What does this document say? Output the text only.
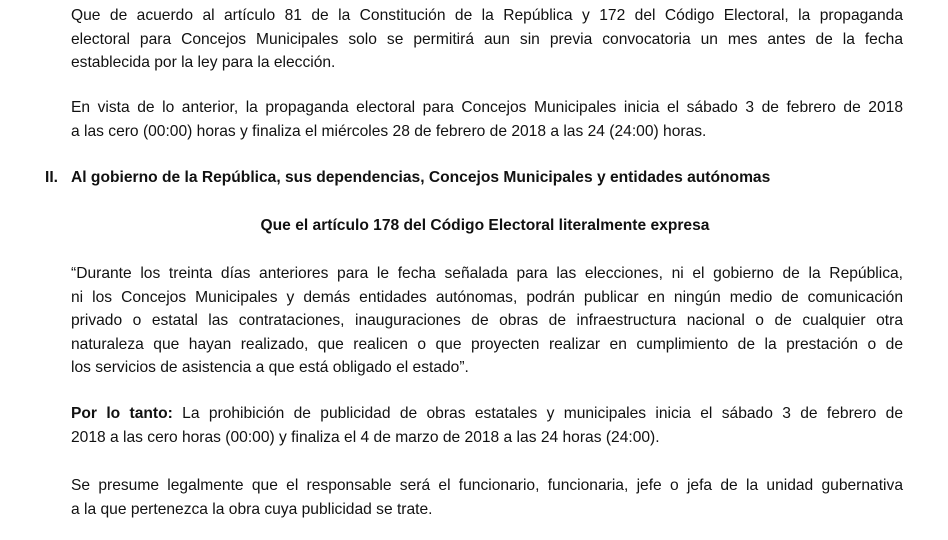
Que de acuerdo al artículo 81 de la Constitución de la República y 172 del Código Electoral, la propaganda
electoral para Concejos Municipales solo se permitirá aun sin previa convocatoria un mes antes de la fecha
establecida por la ley para la elección.
En vista de lo anterior, la propaganda electoral para Concejos Municipales inicia el sábado 3 de febrero de 2018
a las cero (00:00) horas y finaliza el miércoles 28 de febrero de 2018 a las 24 (24:00) horas.
II. Al gobierno de la República, sus dependencias, Concejos Municipales y entidades autónomas
Que el artículo 178 del Código Electoral literalmente expresa
“Durante los treinta días anteriores para le fecha señalada para las elecciones, ni el gobierno de la República,
ni los Concejos Municipales y demás entidades autónomas, podrán publicar en ningún medio de comunicación
privado o estatal las contrataciones, inauguraciones de obras de infraestructura nacional o de cualquier otra
naturaleza que hayan realizado, que realicen o que proyecten realizar en cumplimiento de la prestación o de
los servicios de asistencia a que está obligado el estado”.
Por lo tanto: La prohibición de publicidad de obras estatales y municipales inicia el sábado 3 de febrero de
2018 a las cero horas (00:00) y finaliza el 4 de marzo de 2018 a las 24 horas (24:00).
Se presume legalmente que el responsable será el funcionario, funcionaria, jefe o jefa de la unidad gubernativa
a la que pertenezca la obra cuya publicidad se trate.
